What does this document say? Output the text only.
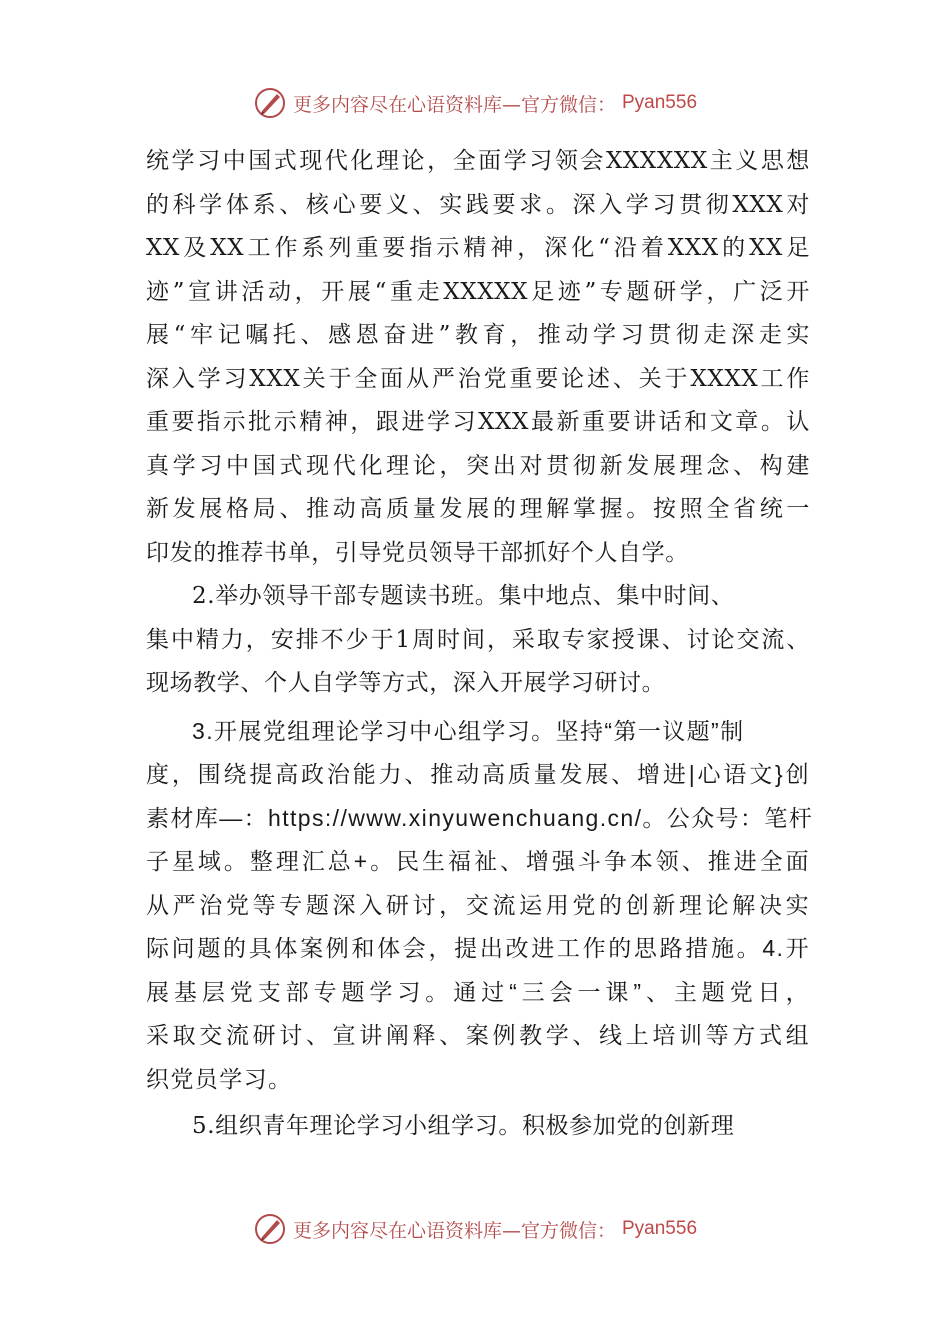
更多内容尽在心语资料库—官方微信： Pyan556
统学习中国式现代化理论，全面学习领会XXXXXX主义思想
的科学体系、核心要义、实践要求。深入学习贯彻XXX对
XX及XX工作系列重要指示精神，深化“沿着XXX的XX足
迹”宣讲活动，开展“重走XXXXX足迹”专题研学，广泛开
展“牢记嘱托、感恩奋进”教育，推动学习贯彻走深走实
深入学习XXX关于全面从严治党重要论述、关于XXXX工作
重要指示批示精神，跟进学习XXX最新重要讲话和文章。认
真学习中国式现代化理论，突出对贯彻新发展理念、构建
新发展格局、推动高质量发展的理解掌握。按照全省统一
印发的推荐书单，引导党员领导干部抓好个人自学。
2.举办领导干部专题读书班。集中地点、集中时间、
集中精力，安排不少于1周时间，采取专家授课、讨论交流、
现场教学、个人自学等方式，深入开展学习研讨。
3.开展党组理论学习中心组学习。坚持“第一议题”制
度，围绕提高政治能力、推动高质量发展、增进|心语文}创
素材库—：https://www.xinyuwenchuang.cn/。公众号：笔杆
子星域。整理汇总+。民生福祉、增强斗争本领、推进全面
从严治党等专题深入研讨，交流运用党的创新理论解决实
际问题的具体案例和体会，提出改进工作的思路措施。4.开
展基层党支部专题学习。通过“三会一课”、主题党日，
采取交流研讨、宣讲阐释、案例教学、线上培训等方式组
织党员学习。
5.组织青年理论学习小组学习。积极参加党的创新理
更多内容尽在心语资料库—官方微信： Pyan556
